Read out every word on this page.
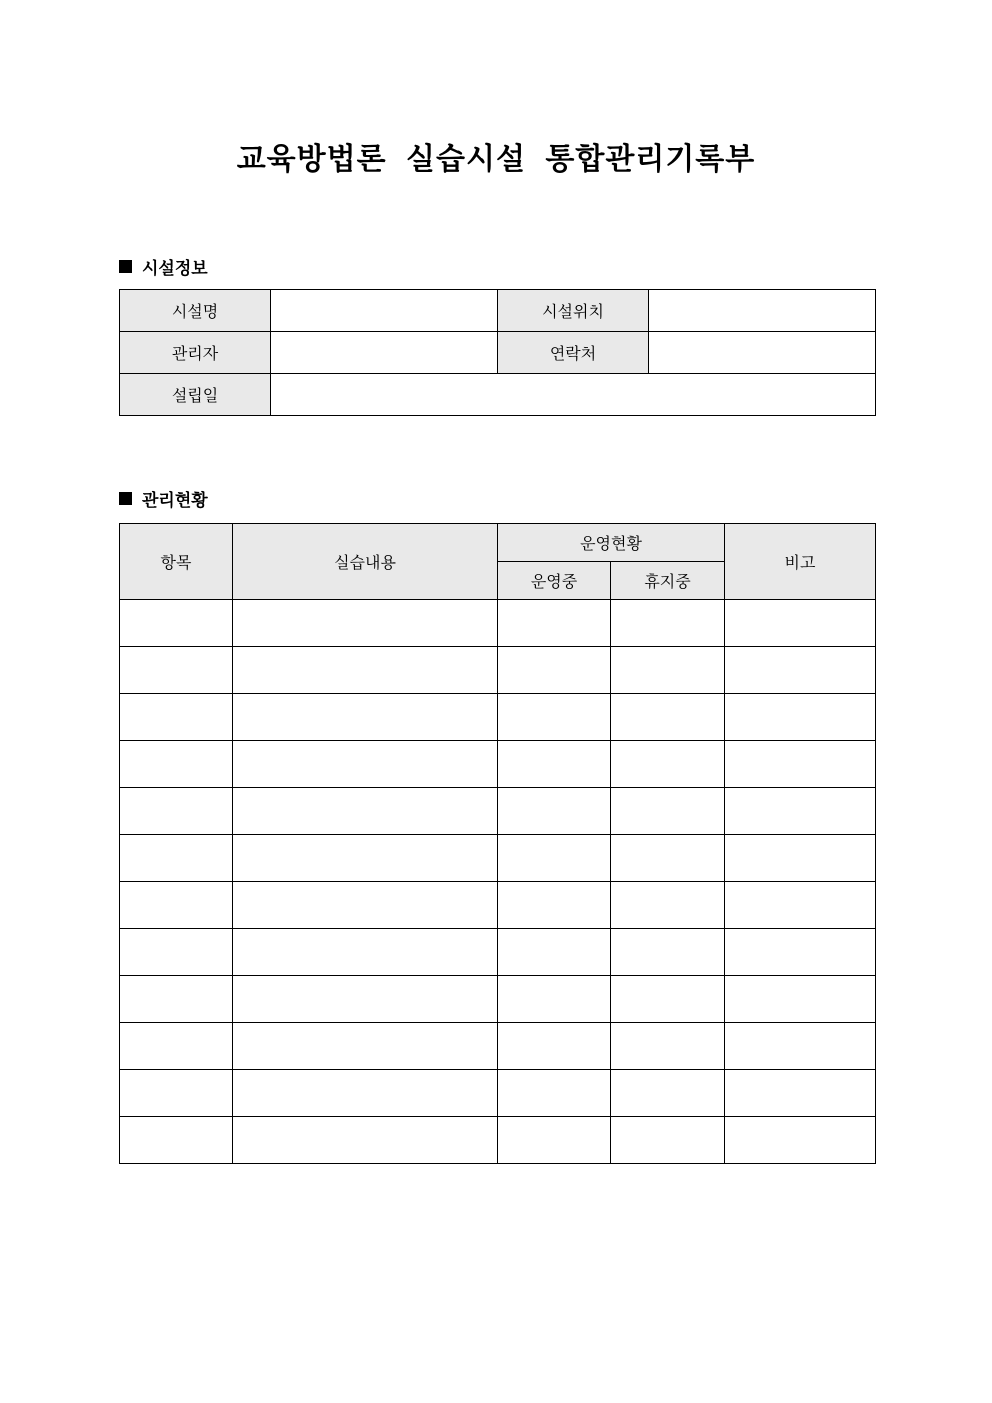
교육방법론 실습시설 통합관리기록부
시설정보
시설명		시설위치	
관리자		연락처	
설립일			
관리현황
항목	실습내용	운영현황		비고
		운영중	휴지중	
